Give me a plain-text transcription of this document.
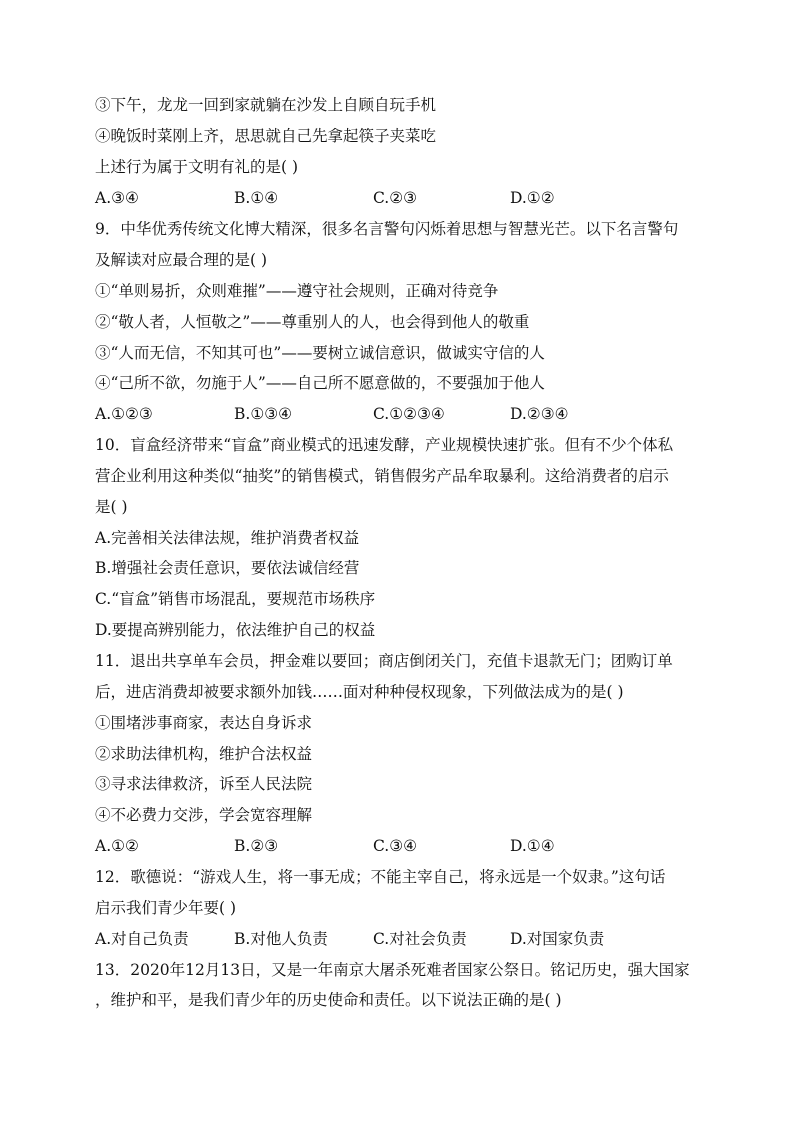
③下午，龙龙一回到家就躺在沙发上自顾自玩手机
④晚饭时菜刚上齐，思思就自己先拿起筷子夹菜吃
上述行为属于文明有礼的是( )
A.③④	B.①④	C.②③	D.①②
9．中华优秀传统文化博大精深，很多名言警句闪烁着思想与智慧光芒。以下名言警句
及解读对应最合理的是( )
①“单则易折，众则难摧”——遵守社会规则，正确对待竞争
②“敬人者，人恒敬之”——尊重别人的人，也会得到他人的敬重
③“人而无信，不知其可也”——要树立诚信意识，做诚实守信的人
④“己所不欲，勿施于人”——自己所不愿意做的，不要强加于他人
A.①②③	B.①③④	C.①②③④	D.②③④
10．盲盒经济带来“盲盒”商业模式的迅速发酵，产业规模快速扩张。但有不少个体私
营企业利用这种类似“抽奖”的销售模式，销售假劣产品牟取暴利。这给消费者的启示
是( )
A.完善相关法律法规，维护消费者权益
B.增强社会责任意识，要依法诚信经营
C.“盲盒”销售市场混乱，要规范市场秩序
D.要提高辨别能力，依法维护自己的权益
11．退出共享单车会员，押金难以要回；商店倒闭关门，充值卡退款无门；团购订单
后，进店消费却被要求额外加钱……面对种种侵权现象，下列做法成为的是( )
①围堵涉事商家，表达自身诉求
②求助法律机构，维护合法权益
③寻求法律救济，诉至人民法院
④不必费力交涉，学会宽容理解
A.①②	B.②③	C.③④	D.①④
12．歌德说：“游戏人生，将一事无成；不能主宰自己，将永远是一个奴隶。”这句话
启示我们青少年要( )
A.对自己负责	B.对他人负责	C.对社会负责	D.对国家负责
13．2020年12月13日，又是一年南京大屠杀死难者国家公祭日。铭记历史，强大国家
，维护和平，是我们青少年的历史使命和责任。以下说法正确的是( )
